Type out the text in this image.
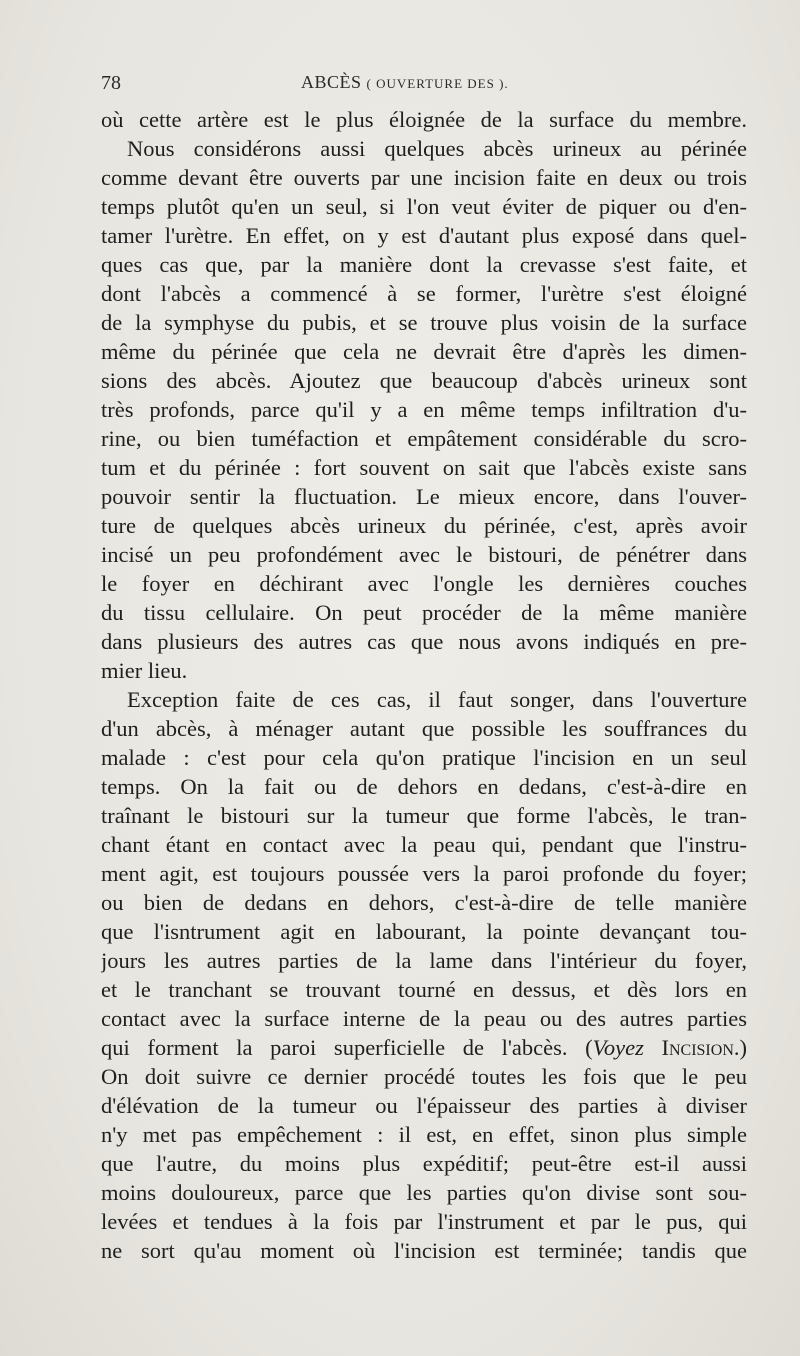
78	ABCÈS ( OUVERTURE DES ).
où cette artère est le plus éloignée de la surface du membre.
Nous considérons aussi quelques abcès urineux au périnée
comme devant être ouverts par une incision faite en deux ou trois
temps plutôt qu'en un seul, si l'on veut éviter de piquer ou d'en-
tamer l'urètre. En effet, on y est d'autant plus exposé dans quel-
ques cas que, par la manière dont la crevasse s'est faite, et
dont l'abcès a commencé à se former, l'urètre s'est éloigné
de la symphyse du pubis, et se trouve plus voisin de la surface
même du périnée que cela ne devrait être d'après les dimen-
sions des abcès. Ajoutez que beaucoup d'abcès urineux sont
très profonds, parce qu'il y a en même temps infiltration d'u-
rine, ou bien tuméfaction et empâtement considérable du scro-
tum et du périnée : fort souvent on sait que l'abcès existe sans
pouvoir sentir la fluctuation. Le mieux encore, dans l'ouver-
ture de quelques abcès urineux du périnée, c'est, après avoir
incisé un peu profondément avec le bistouri, de pénétrer dans
le foyer en déchirant avec l'ongle les dernières couches
du tissu cellulaire. On peut procéder de la même manière
dans plusieurs des autres cas que nous avons indiqués en pre-
mier lieu.
Exception faite de ces cas, il faut songer, dans l'ouverture
d'un abcès, à ménager autant que possible les souffrances du
malade : c'est pour cela qu'on pratique l'incision en un seul
temps. On la fait ou de dehors en dedans, c'est-à-dire en
traînant le bistouri sur la tumeur que forme l'abcès, le tran-
chant étant en contact avec la peau qui, pendant que l'instru-
ment agit, est toujours poussée vers la paroi profonde du foyer;
ou bien de dedans en dehors, c'est-à-dire de telle manière
que l'isntrument agit en labourant, la pointe devançant tou-
jours les autres parties de la lame dans l'intérieur du foyer,
et le tranchant se trouvant tourné en dessus, et dès lors en
contact avec la surface interne de la peau ou des autres parties
qui forment la paroi superficielle de l'abcès. (Voyez Incision.)
On doit suivre ce dernier procédé toutes les fois que le peu
d'élévation de la tumeur ou l'épaisseur des parties à diviser
n'y met pas empêchement : il est, en effet, sinon plus simple
que l'autre, du moins plus expéditif; peut-être est-il aussi
moins douloureux, parce que les parties qu'on divise sont sou-
levées et tendues à la fois par l'instrument et par le pus, qui
ne sort qu'au moment où l'incision est terminée; tandis que
